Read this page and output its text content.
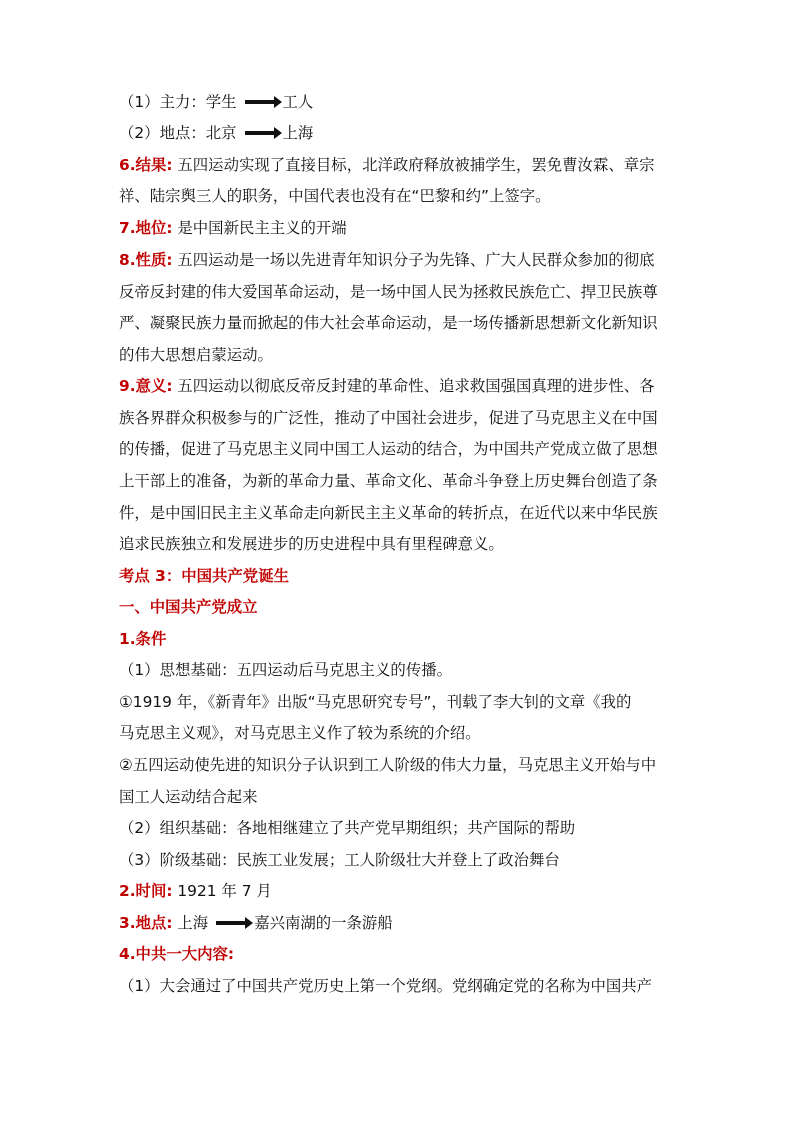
（1）主力：学生	工人
（2）地点：北京	上海
6.结果: 五四运动实现了直接目标，北洋政府释放被捕学生，罢免曹汝霖、章宗
祥、陆宗舆三人的职务，中国代表也没有在“巴黎和约”上签字。
7.地位: 是中国新民主主义的开端
8.性质: 五四运动是一场以先进青年知识分子为先锋、广大人民群众参加的彻底
反帝反封建的伟大爱国革命运动，是一场中国人民为拯救民族危亡、捍卫民族尊
严、凝聚民族力量而掀起的伟大社会革命运动，是一场传播新思想新文化新知识
的伟大思想启蒙运动。
9.意义: 五四运动以彻底反帝反封建的革命性、追求救国强国真理的进步性、各
族各界群众积极参与的广泛性，推动了中国社会进步，促进了马克思主义在中国
的传播，促进了马克思主义同中国工人运动的结合，为中国共产党成立做了思想
上干部上的准备，为新的革命力量、革命文化、革命斗争登上历史舞台创造了条
件，是中国旧民主主义革命走向新民主主义革命的转折点，在近代以来中华民族
追求民族独立和发展进步的历史进程中具有里程碑意义。
考点 3：中国共产党诞生
一、中国共产党成立
1.条件
（1）思想基础：五四运动后马克思主义的传播。
①1919 年，《新青年》出版“马克思研究专号”，刊载了李大钊的文章《我的
马克思主义观》，对马克思主义作了较为系统的介绍。
②五四运动使先进的知识分子认识到工人阶级的伟大力量，马克思主义开始与中
国工人运动结合起来
（2）组织基础：各地相继建立了共产党早期组织；共产国际的帮助
（3）阶级基础：民族工业发展；工人阶级壮大并登上了政治舞台
2.时间: 1921 年 7 月
3.地点: 上海	嘉兴南湖的一条游船
4.中共一大内容:
（1）大会通过了中国共产党历史上第一个党纲。党纲确定党的名称为中国共产
